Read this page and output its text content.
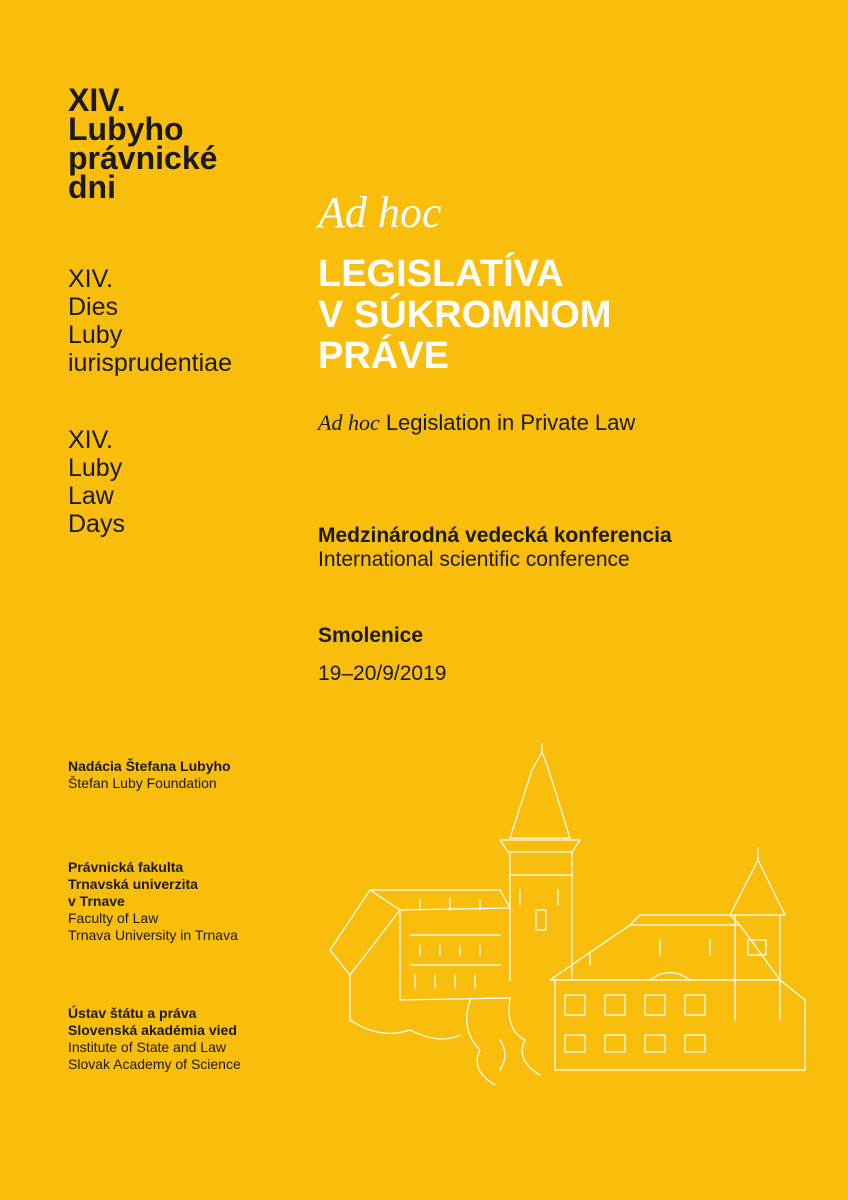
XIV.
Lubyho
právnické
dni
XIV.
Dies
Luby
iurisprudentiae
XIV.
Luby
Law
Days
Nadácia Štefana Lubyho
Štefan Luby Foundation
Právnická fakulta
Trnavská univerzita
v Trnave
Faculty of Law
Trnava University in Trnava
Ústav štátu a práva
Slovenská akadémia vied
Institute of State and Law
Slovak Academy of Science
Ad hoc
LEGISLATÍVA
V SÚKROMNOM
PRÁVE
Ad hoc Legislation in Private Law
Medzinárodná vedecká konferencia
International scientific conference
Smolenice
19–20/9/2019
